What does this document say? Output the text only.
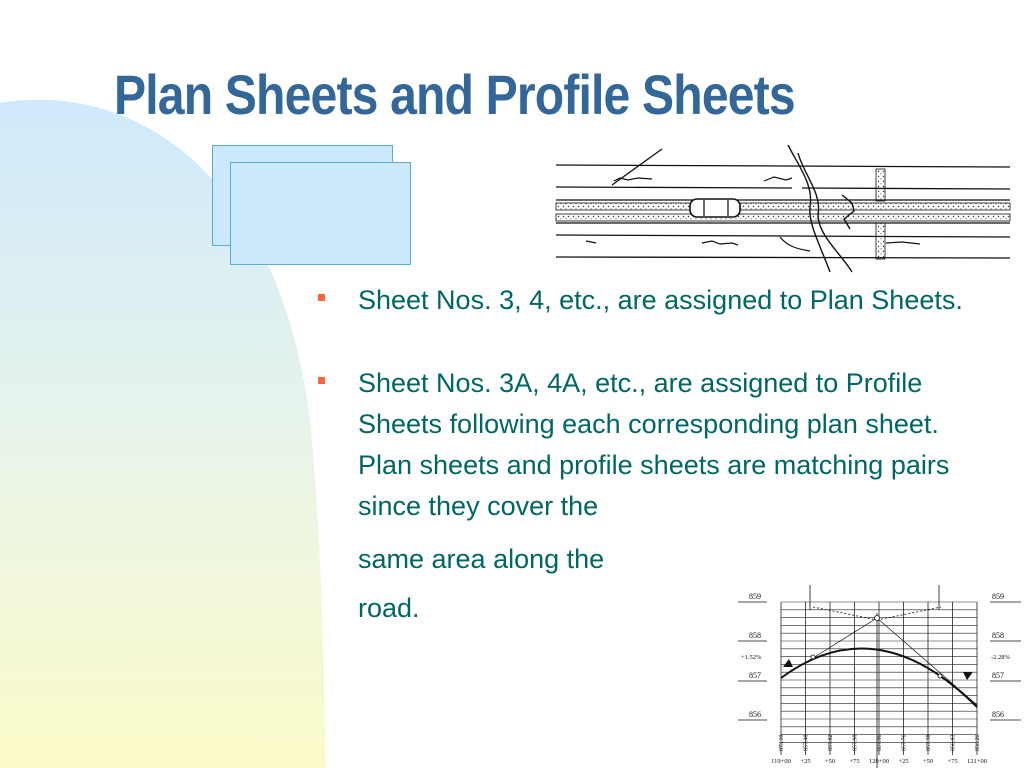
Plan Sheets and Profile Sheets
Sheet Nos. 3, 4, etc., are assigned to Plan Sheets.
Sheet Nos. 3A, 4A, etc., are assigned to Profile Sheets following each corresponding plan sheet. Plan sheets and profile sheets are matching pairs
since they cover the
same area along the
road.	859
858
857
856
859
858
857
856
+1.52%	-2.28%
873.10	857.48	857.82	857.98	857.96	857.76	857.38	856.83	856.26
119+00 +25 +50 +75 120+00 +25 +50 +75 121+00
